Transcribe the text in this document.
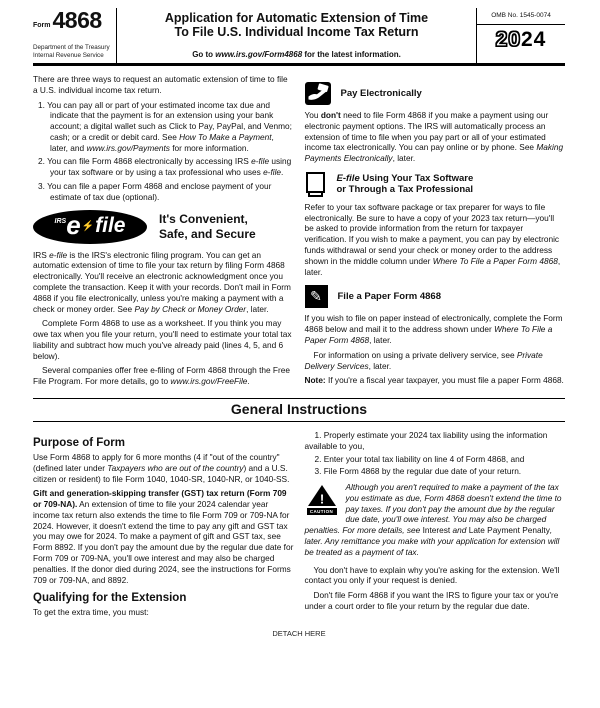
Form 4868
Department of the Treasury
Internal Revenue Service
Application for Automatic Extension of Time
To File U.S. Individual Income Tax Return
Go to www.irs.gov/Form4868 for the latest information.
OMB No. 1545-0074
2024

There are three ways to request an automatic extension of time to file a U.S. individual income tax return.

1. You can pay all or part of your estimated income tax due and indicate that the payment is for an extension using your bank account; a digital wallet such as Click to Pay, PayPal, and Venmo; cash; or a credit or debit card. See How To Make a Payment, later, and www.irs.gov/Payments for more information.

2. You can file Form 4868 electronically by accessing IRS e-file using your tax software or by using a tax professional who uses e-file.

3. You can file a paper Form 4868 and enclose payment of your estimate of tax due (optional).

IRS e ⚡ file	It's Convenient,
Safe, and Secure

IRS e-file is the IRS's electronic filing program. You can get an automatic extension of time to file your tax return by filing Form 4868 electronically. You'll receive an electronic acknowledgment once you complete the transaction. Keep it with your records. Don't mail in Form 4868 if you file electronically, unless you're making a payment with a check or money order. See Pay by Check or Money Order, later.

Complete Form 4868 to use as a worksheet. If you think you may owe tax when you file your return, you'll need to estimate your total tax liability and subtract how much you've already paid (lines 4, 5, and 6 below).

Several companies offer free e-filing of Form 4868 through the Free File Program. For more details, go to www.irs.gov/FreeFile.

Pay Electronically

You don't need to file Form 4868 if you make a payment using our electronic payment options. The IRS will automatically process an extension of time to file when you pay part or all of your estimated income tax electronically. You can pay online or by phone. See Making Payments Electronically, later.

E-file Using Your Tax Software
or Through a Tax Professional

Refer to your tax software package or tax preparer for ways to file electronically. Be sure to have a copy of your 2023 tax return—you'll be asked to provide information from the return for taxpayer verification. If you wish to make a payment, you can pay by electronic funds withdrawal or send your check or money order to the address shown in the middle column under Where To File a Paper Form 4868, later.

✎ File a Paper Form 4868

If you wish to file on paper instead of electronically, complete the Form 4868 below and mail it to the address shown under Where To File a Paper Form 4868, later.

For information on using a private delivery service, see Private Delivery Services, later.

Note: If you're a fiscal year taxpayer, you must file a paper Form 4868.

General Instructions
Purpose of Form

Use Form 4868 to apply for 6 more months (4 if "out of the country" (defined later under Taxpayers who are out of the country) and a U.S. citizen or resident) to file Form 1040, 1040-SR, 1040-NR, or 1040-SS.

Gift and generation-skipping transfer (GST) tax return (Form 709 or 709-NA). An extension of time to file your 2024 calendar year income tax return also extends the time to file Form 709 or 709-NA for 2024. However, it doesn't extend the time to pay any gift and GST tax you may owe for 2024. To make a payment of gift and GST tax, see Form 8892. If you don't pay the amount due by the regular due date for Form 709 or 709-NA, you'll owe interest and may also be charged penalties. If the donor died during 2024, see the instructions for Forms 709 or 709-NA, and 8892.

Qualifying for the Extension

To get the extra time, you must:

1. Properly estimate your 2024 tax liability using the information available to you,

2. Enter your total tax liability on line 4 of Form 4868, and

3. File Form 4868 by the regular due date of your return.

!
CAUTION

Although you aren't required to make a payment of the tax you estimate as due, Form 4868 doesn't extend the time to pay taxes. If you don't pay the amount due by the regular due date, you'll owe interest. You may also be charged penalties. For more details, see Interest and Late Payment Penalty, later. Any remittance you make with your application for extension will be treated as a payment of tax.

You don't have to explain why you're asking for the extension. We'll contact you only if your request is denied.

Don't file Form 4868 if you want the IRS to figure your tax or you're under a court order to file your return by the regular due date.

DETACH HERE
